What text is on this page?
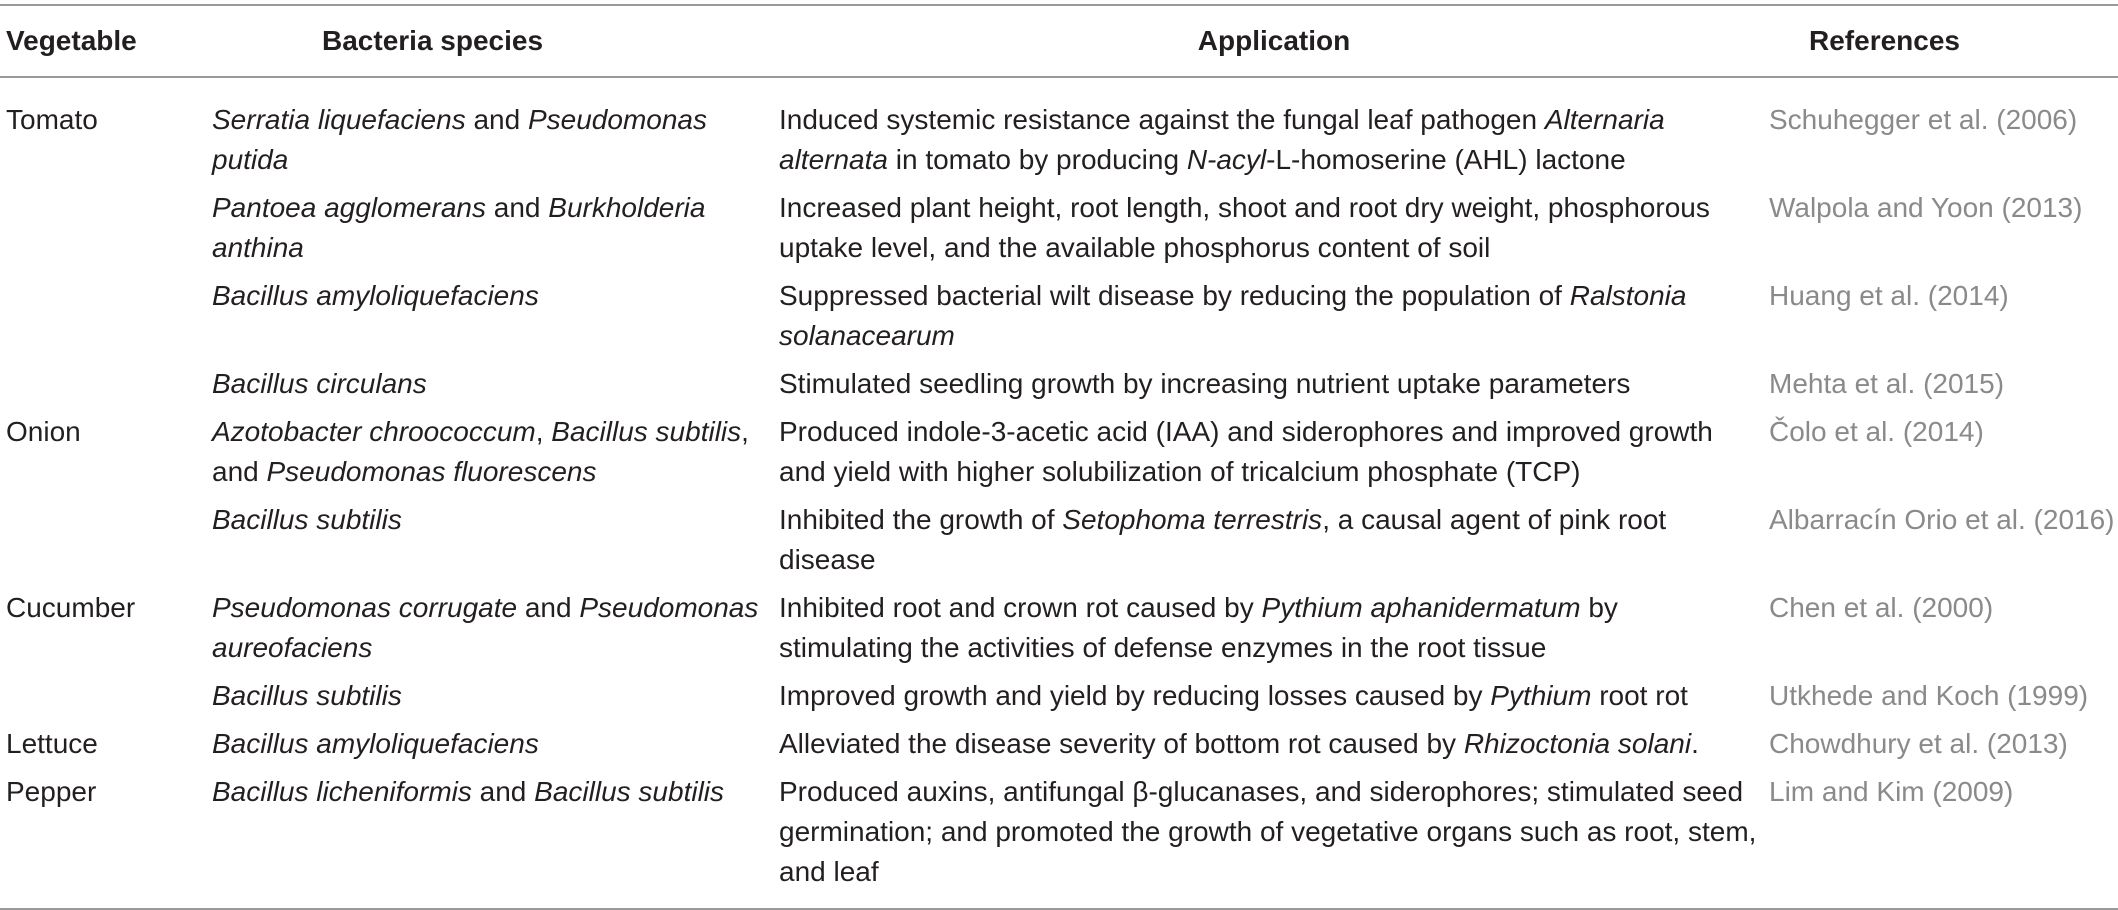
Vegetable	Bacteria species	Application	References
Tomato	Serratia liquefaciens and Pseudomonas putida	Induced systemic resistance against the fungal leaf pathogen Alternaria alternata in tomato by producing N-acyl-L-homoserine (AHL) lactone	Schuhegger et al. (2006)
	Pantoea agglomerans and Burkholderia anthina	Increased plant height, root length, shoot and root dry weight, phosphorous uptake level, and the available phosphorus content of soil	Walpola and Yoon (2013)
	Bacillus amyloliquefaciens	Suppressed bacterial wilt disease by reducing the population of Ralstonia solanacearum	Huang et al. (2014)
	Bacillus circulans	Stimulated seedling growth by increasing nutrient uptake parameters	Mehta et al. (2015)
Onion	Azotobacter chroococcum, Bacillus subtilis, and Pseudomonas fluorescens	Produced indole-3-acetic acid (IAA) and siderophores and improved growth and yield with higher solubilization of tricalcium phosphate (TCP)	Čolo et al. (2014)
	Bacillus subtilis	Inhibited the growth of Setophoma terrestris, a causal agent of pink root disease	Albarracín Orio et al. (2016)
Cucumber	Pseudomonas corrugate and Pseudomonas aureofaciens	Inhibited root and crown rot caused by Pythium aphanidermatum by stimulating the activities of defense enzymes in the root tissue	Chen et al. (2000)
	Bacillus subtilis	Improved growth and yield by reducing losses caused by Pythium root rot	Utkhede and Koch (1999)
Lettuce	Bacillus amyloliquefaciens	Alleviated the disease severity of bottom rot caused by Rhizoctonia solani.	Chowdhury et al. (2013)
Pepper	Bacillus licheniformis and Bacillus subtilis	Produced auxins, antifungal β-glucanases, and siderophores; stimulated seed germination; and promoted the growth of vegetative organs such as root, stem, and leaf	Lim and Kim (2009)
